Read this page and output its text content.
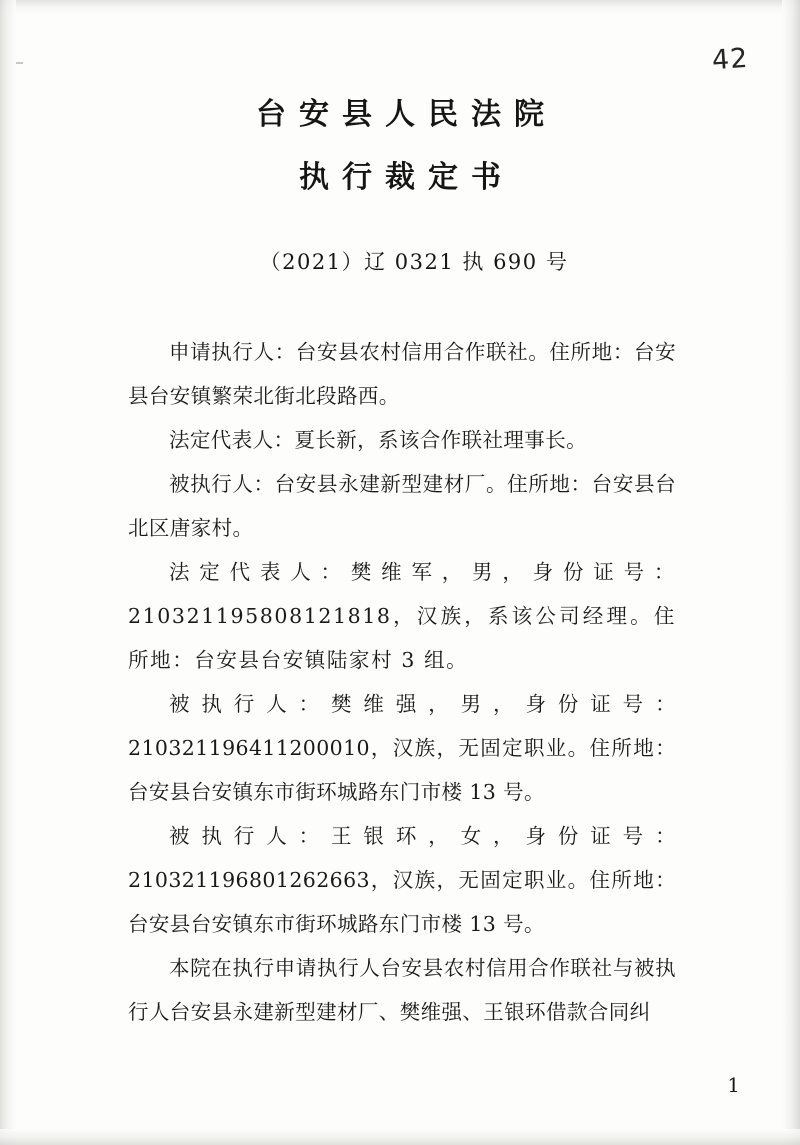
42
台安县人民法院
执行裁定书
（2021）辽 0321 执 690 号

申请执行人：台安县农村信用合作联社。住所地：台安县台安镇繁荣北街北段路西。

法定代表人：夏长新，系该合作联社理事长。

被执行人：台安县永建新型建材厂。住所地：台安县台北区唐家村。

法定代表人：樊维军，男，身份证号：210321195808121818，汉族，系该公司经理。住所地：台安县台安镇陆家村 3 组。

被执行人：樊维强，男，身份证号：210321196411200010，汉族，无固定职业。住所地：台安县台安镇东市街环城路东门市楼 13 号。

被执行人：王银环，女，身份证号：210321196801262663，汉族，无固定职业。住所地：台安县台安镇东市街环城路东门市楼 13 号。

本院在执行申请执行人台安县农村信用合作联社与被执行人台安县永建新型建材厂、樊维强、王银环借款合同纠

1
